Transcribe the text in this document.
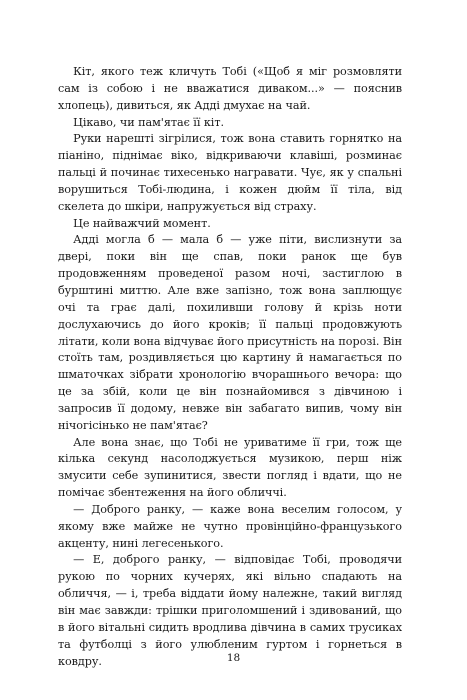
Кіт, якого теж кличуть Тобі («Щоб я міг розмовляти сам із собою і не вважатися диваком...» — пояснив хлопець), дивиться, як Адді дмухає на чай.

Цікаво, чи пам'ятає її кіт.

Руки нарешті зігрілися, тож вона ставить горнятко на піаніно, піднімає віко, відкриваючи клавіші, розминає пальці й починає тихесенько награвати. Чує, як у спальні ворушиться Тобі-людина, і кожен дюйм її тіла, від скелета до шкіри, напружується від страху.

Це найважчий момент.

Адді могла б — мала б — уже піти, вислизнути за двері, поки він ще спав, поки ранок ще був продовженням проведеної разом ночі, застиглою в бурштині миттю. Але вже запізно, тож вона заплющує очі та грає далі, похиливши голову й крізь ноти дослухаючись до його кроків; її пальці продовжують літати, коли вона відчуває його присутність на порозі. Він стоїть там, роздивляється цю картину й намагається по шматочках зібрати хронологію вчорашнього вечора: що це за збій, коли це він познайомився з дівчиною і запросив її додому, невже він забагато випив, чому він нічогісінько не пам'ятає?

Але вона знає, що Тобі не уриватиме її гри, тож ще кілька секунд насолоджується музикою, перш ніж змусити себе зупинитися, звести погляд і вдати, що не помічає збентеження на його обличчі.

— Доброго ранку, — каже вона веселим голосом, у якому вже майже не чутно провінційно-французького акценту, нині легесенького.

— Е, доброго ранку, — відповідає Тобі, проводячи рукою по чорних кучерях, які вільно спадають на обличчя, — і, треба віддати йому належне, такий вигляд він має завжди: трішки приголомшений і здивований, що в його вітальні сидить вродлива дівчина в самих трусиках та футболці з його улюбленим гуртом і горнеться в ковдру.	18
